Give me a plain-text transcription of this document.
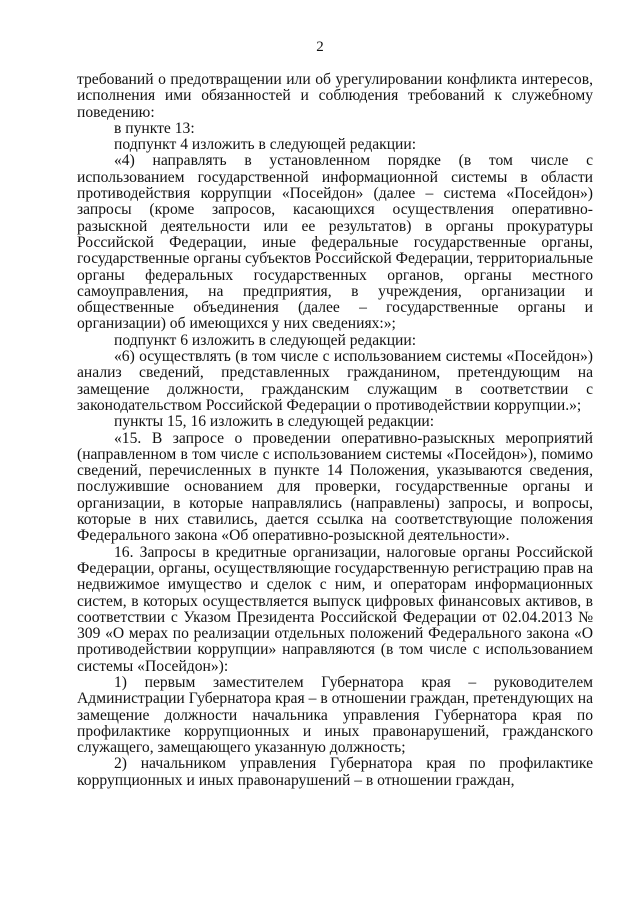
2

требований о предотвращении или об урегулировании конфликта интересов, исполнения ими обязанностей и соблюдения требований к служебному поведению:

в пункте 13:

подпункт 4 изложить в следующей редакции:

«4) направлять в установленном порядке (в том числе с использованием государственной информационной системы в области противодействия коррупции «Посейдон» (далее – система «Посейдон») запросы (кроме запросов, касающихся осуществления оперативно-разыскной деятельности или ее результатов) в органы прокуратуры Российской Федерации, иные федеральные государственные органы, государственные органы субъектов Российской Федерации, территориальные органы федеральных государственных органов, органы местного самоуправления, на предприятия, в учреждения, организации и общественные объединения (далее – государственные органы и организации) об имеющихся у них сведениях:»;

подпункт 6 изложить в следующей редакции:

«6) осуществлять (в том числе с использованием системы «Посейдон») анализ сведений, представленных гражданином, претендующим на замещение должности, гражданским служащим в соответствии с законодательством Российской Федерации о противодействии коррупции.»;

пункты 15, 16 изложить в следующей редакции:

«15. В запросе о проведении оперативно-разыскных мероприятий (направленном в том числе с использованием системы «Посейдон»), помимо сведений, перечисленных в пункте 14 Положения, указываются сведения, послужившие основанием для проверки, государственные органы и организации, в которые направлялись (направлены) запросы, и вопросы, которые в них ставились, дается ссылка на соответствующие положения Федерального закона «Об оперативно-розыскной деятельности».

16. Запросы в кредитные организации, налоговые органы Российской Федерации, органы, осуществляющие государственную регистрацию прав на недвижимое имущество и сделок с ним, и операторам информационных систем, в которых осуществляется выпуск цифровых финансовых активов, в соответствии с Указом Президента Российской Федерации от 02.04.2013 № 309 «О мерах по реализации отдельных положений Федерального закона «О противодействии коррупции» направляются (в том числе с использованием системы «Посейдон»):

1) первым заместителем Губернатора края – руководителем Администрации Губернатора края – в отношении граждан, претендующих на замещение должности начальника управления Губернатора края по профилактике коррупционных и иных правонарушений, гражданского служащего, замещающего указанную должность;

2) начальником управления Губернатора края по профилактике коррупционных и иных правонарушений – в отношении граждан,
